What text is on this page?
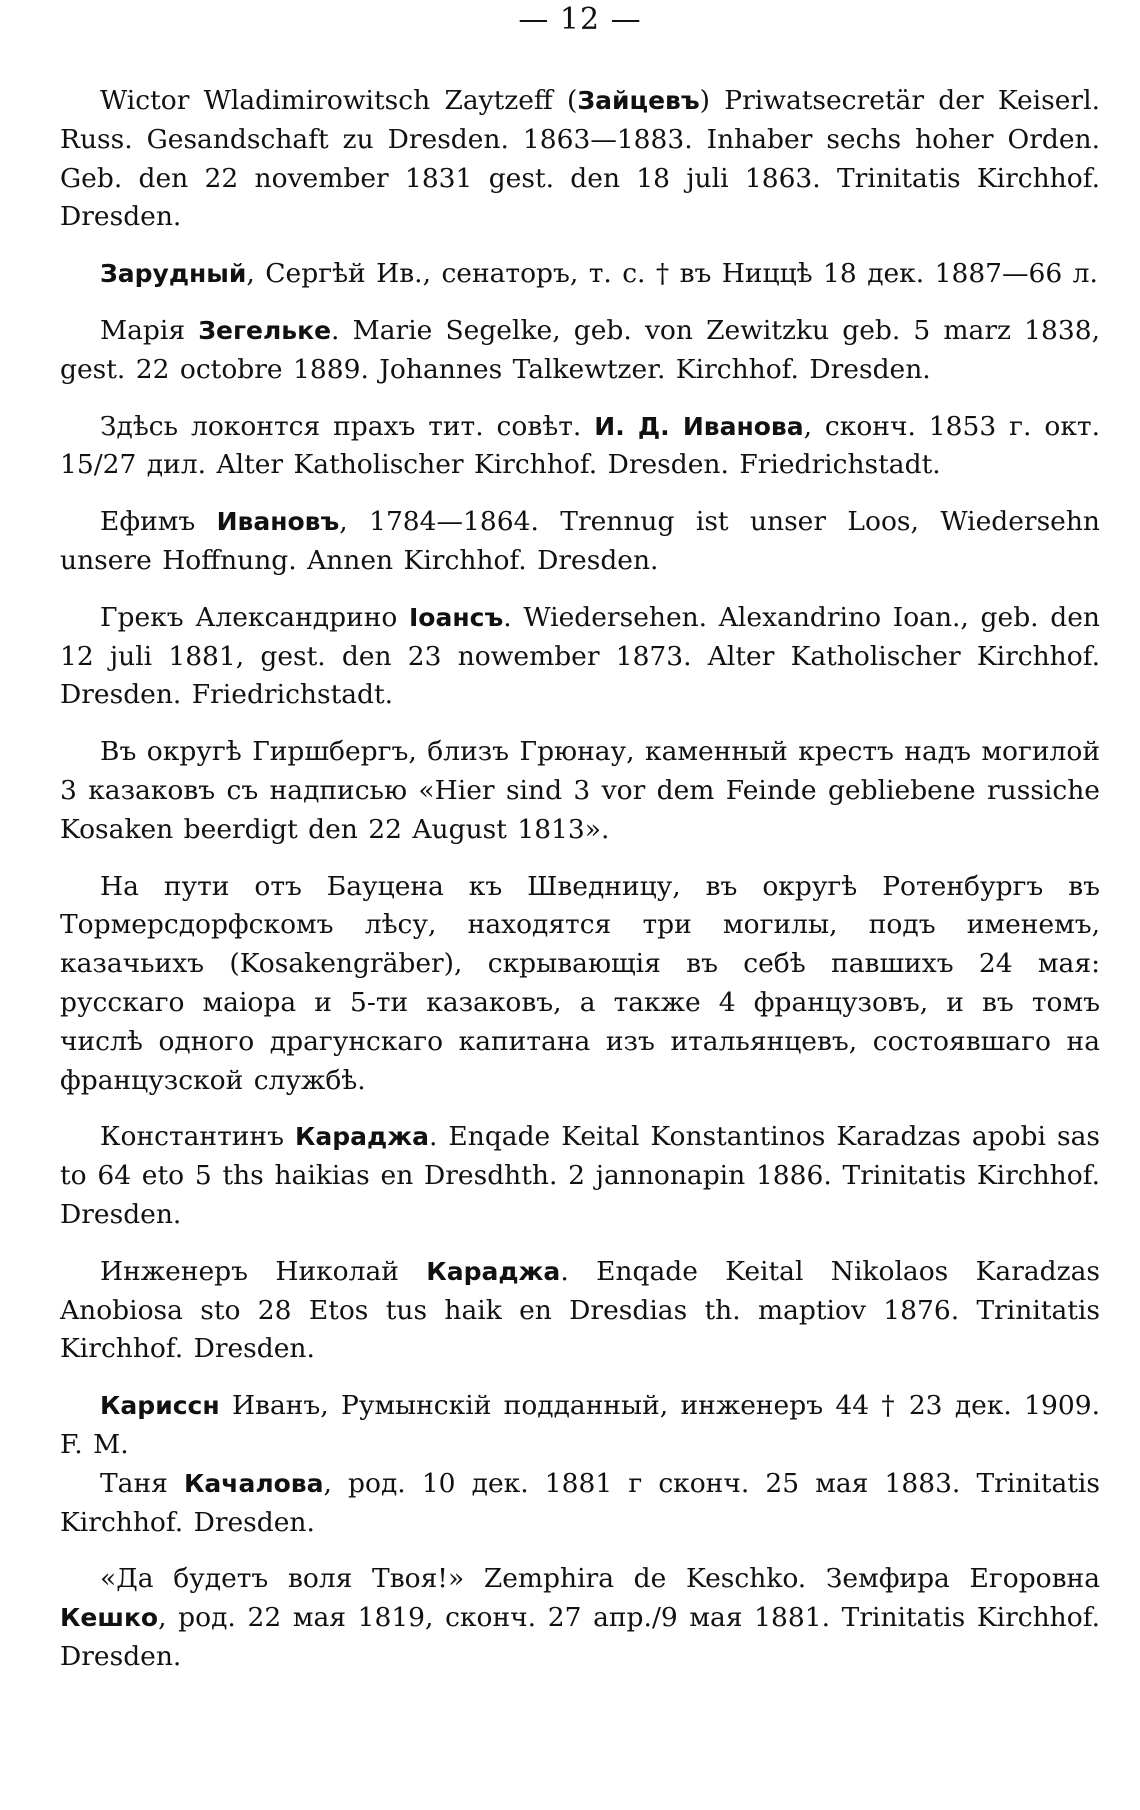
— 12 —

Wictor Wladimirowitsch Zaytzeff (Зайцевъ) Priwatsecretär der Keiserl. Russ. Gesandschaft zu Dresden. 1863—1883. Inhaber sechs hoher Orden. Geb. den 22 november 1831 gest. den 18 juli 1863. Trinitatis Kirchhof. Dresden.

Зарудный, Сергѣй Ив., сенаторъ, т. с. † въ Ниццѣ 18 дек. 1887—66 л.

Марія Зегельке. Marie Segelke, geb. von Zewitzku geb. 5 marz 1838, gest. 22 octobre 1889. Johannes Talkewtzer. Kirchhof. Dresden.

Здѣсь локонтся прахъ тит. совѣт. И. Д. Иванова, сконч. 1853 г. окт. 15/27 дил. Alter Katholischer Kirchhof. Dresden. Friedrichstadt.

Ефимъ Ивановъ, 1784—1864. Trennug ist unser Loos, Wiedersehn unsere Hoffnung. Annen Kirchhof. Dresden.

Грекъ Александрино Іоансъ. Wiedersehen. Alexandrino Ioan., geb. den 12 juli 1881, gest. den 23 nowember 1873. Alter Katholischer Kirchhof. Dresden. Friedrichstadt.

Въ округѣ Гиршбергъ, близъ Грюнау, каменный крестъ надъ могилой 3 казаковъ съ надписью «Hier sind 3 vor dem Feinde gebliebene russiche Kosaken beerdigt den 22 August 1813».

На пути отъ Бауцена къ Шведницу, въ округѣ Ротенбургъ въ Тормерсдорфскомъ лѣсу, находятся три могилы, подъ именемъ, казачьихъ (Kosakengräber), скрывающія въ себѣ павшихъ 24 мая: русскаго маіора и 5-ти казаковъ, а также 4 французовъ, и въ томъ числѣ одного драгунскаго капитана изъ итальянцевъ, состоявшаго на французской службѣ.

Константинъ Караджа. Enqade Keital Konstantinos Karadzas apobi sas to 64 eto 5 ths haikias en Dresdhth. 2 jannonapin 1886. Trinitatis Kirchhof. Dresden.

Инженеръ Николай Караджа. Enqade Keital Nikolaos Karadzas Anobiosa sto 28 Etos tus haik en Dresdias th. maptiov 1876. Trinitatis Kirchhof. Dresden.

Кариссн Иванъ, Румынскій подданный, инженеръ 44 † 23 дек. 1909. F. M.

Таня Качалова, род. 10 дек. 1881 г сконч. 25 мая 1883. Trinitatis Kirchhof. Dresden.

«Да будетъ воля Твоя!» Zemphira de Keschko. Земфира Егоровна Кешко, род. 22 мая 1819, сконч. 27 апр./9 мая 1881. Trinitatis Kirchhof. Dresden.
